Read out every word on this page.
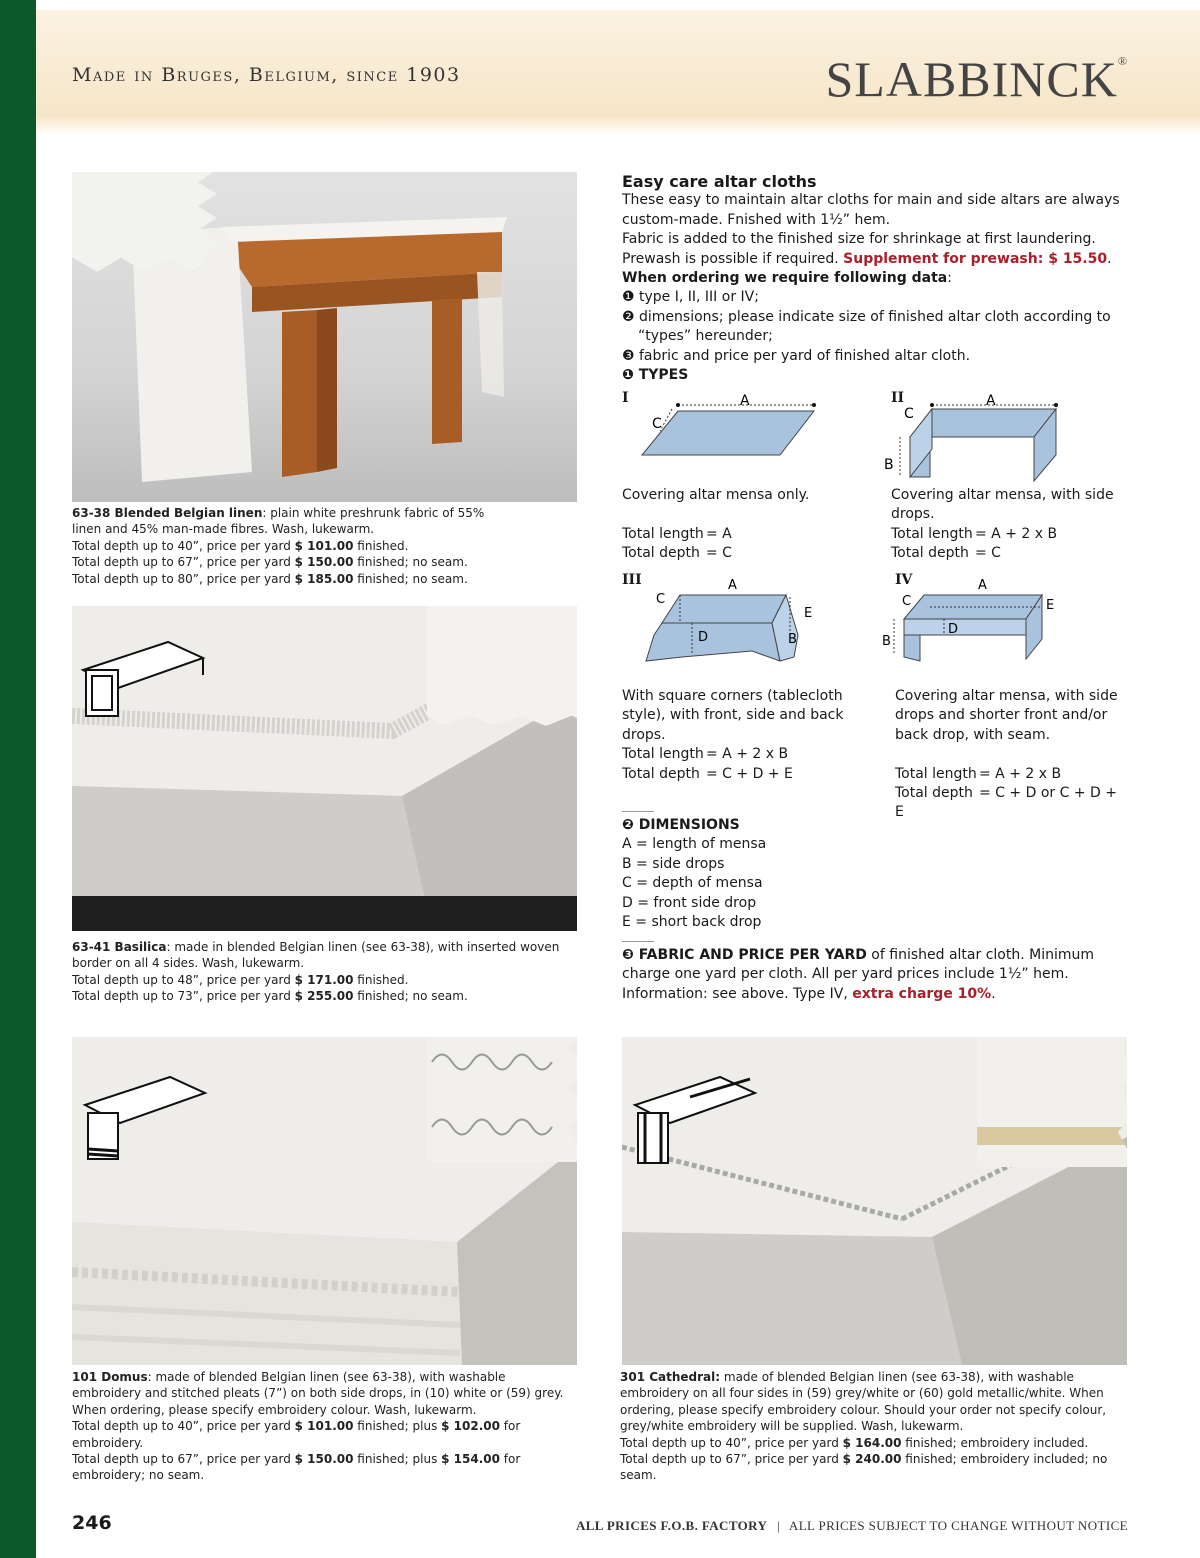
Made in Bruges, Belgium, since 1903	SLABBINCK®
63-38 Blended Belgian linen: plain white preshrunk fabric of 55% linen and 45% man-made fibres. Wash, lukewarm.
Total depth up to 40”, price per yard $ 101.00 finished.
Total depth up to 67”, price per yard $ 150.00 finished; no seam.
Total depth up to 80”, price per yard $ 185.00 finished; no seam.
63-41 Basilica: made in blended Belgian linen (see 63-38), with inserted woven border on all 4 sides. Wash, lukewarm.
Total depth up to 48”, price per yard $ 171.00 finished.
Total depth up to 73”, price per yard $ 255.00 finished; no seam.
101 Domus: made of blended Belgian linen (see 63-38), with washable embroidery and stitched pleats (7”) on both side drops, in (10) white or (59) grey. When ordering, please specify embroidery colour. Wash, lukewarm.
Total depth up to 40”, price per yard $ 101.00 finished; plus $ 102.00 for embroidery.
Total depth up to 67”, price per yard $ 150.00 finished; plus $ 154.00 for embroidery; no seam.
301 Cathedral: made of blended Belgian linen (see 63-38), with washable embroidery on all four sides in (59) grey/white or (60) gold metallic/white. When ordering, please specify embroidery colour. Should your order not specify colour, grey/white embroidery will be supplied. Wash, lukewarm.
Total depth up to 40”, price per yard $ 164.00 finished; embroidery included.
Total depth up to 67”, price per yard $ 240.00 finished; embroidery included; no seam.
Easy care altar cloths
These easy to maintain altar cloths for main and side altars are always custom-made. Fnished with 1½” hem.
Fabric is added to the finished size for shrinkage at first laundering. Prewash is possible if required. Supplement for prewash: $ 15.50.
When ordering we require following data:
❶ type I, II, III or IV;
❷ dimensions; please indicate size of finished altar cloth according to “types” hereunder;
❸ fabric and price per yard of finished altar cloth.
❶ TYPES
I	A
C
II	A
C
B
Covering altar mensa only.
Total length = A
Total depth = C
Covering altar mensa, with side drops.
Total length = A + 2 x B
Total depth = C
III	A
C
D
E
B
IV	A
C
D
E
B
With square corners (tablecloth style), with front, side and back drops.
Total length = A + 2 x B
Total depth = C + D + E
Covering altar mensa, with side drops and shorter front and/or back drop, with seam.
Total length = A + 2 x B
Total depth = C + D or C + D + E
❷ DIMENSIONS
A = length of mensa
B = side drops
C = depth of mensa
D = front side drop
E = short back drop
❸ FABRIC AND PRICE PER YARD of finished altar cloth. Minimum charge one yard per cloth. All per yard prices include 1½” hem. Information: see above. Type IV, extra charge 10%.
246	ALL PRICES F.O.B. FACTORY | ALL PRICES SUBJECT TO CHANGE WITHOUT NOTICE
